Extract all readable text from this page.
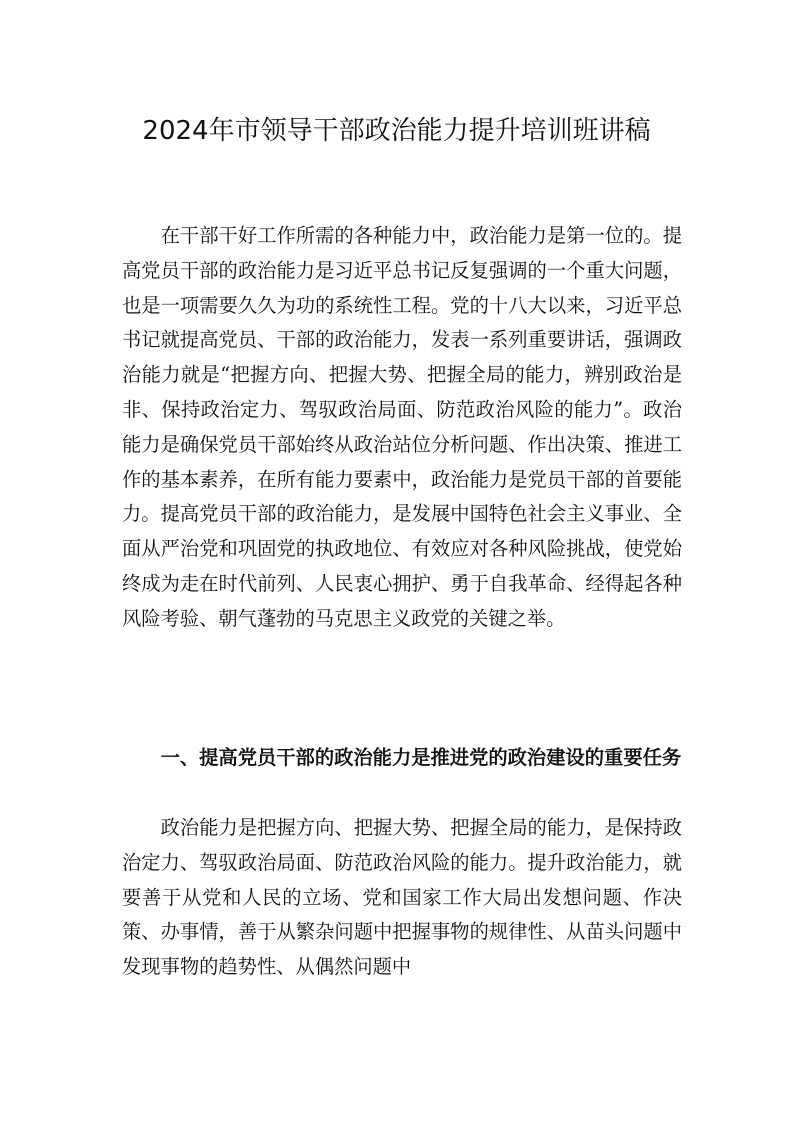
2024年市领导干部政治能力提升培训班讲稿

在干部干好工作所需的各种能力中，政治能力是第一位的。提高党员干部的政治能力是习近平总书记反复强调的一个重大问题，也是一项需要久久为功的系统性工程。党的十八大以来，习近平总书记就提高党员、干部的政治能力，发表一系列重要讲话，强调政治能力就是“把握方向、把握大势、把握全局的能力，辨别政治是非、保持政治定力、驾驭政治局面、防范政治风险的能力”。政治能力是确保党员干部始终从政治站位分析问题、作出决策、推进工作的基本素养，在所有能力要素中，政治能力是党员干部的首要能力。提高党员干部的政治能力，是发展中国特色社会主义事业、全面从严治党和巩固党的执政地位、有效应对各种风险挑战，使党始终成为走在时代前列、人民衷心拥护、勇于自我革命、经得起各种风险考验、朝气蓬勃的马克思主义政党的关键之举。

一、提高党员干部的政治能力是推进党的政治建设的重要任务

政治能力是把握方向、把握大势、把握全局的能力，是保持政治定力、驾驭政治局面、防范政治风险的能力。提升政治能力，就要善于从党和人民的立场、党和国家工作大局出发想问题、作决策、办事情，善于从繁杂问题中把握事物的规律性、从苗头问题中发现事物的趋势性、从偶然问题中
